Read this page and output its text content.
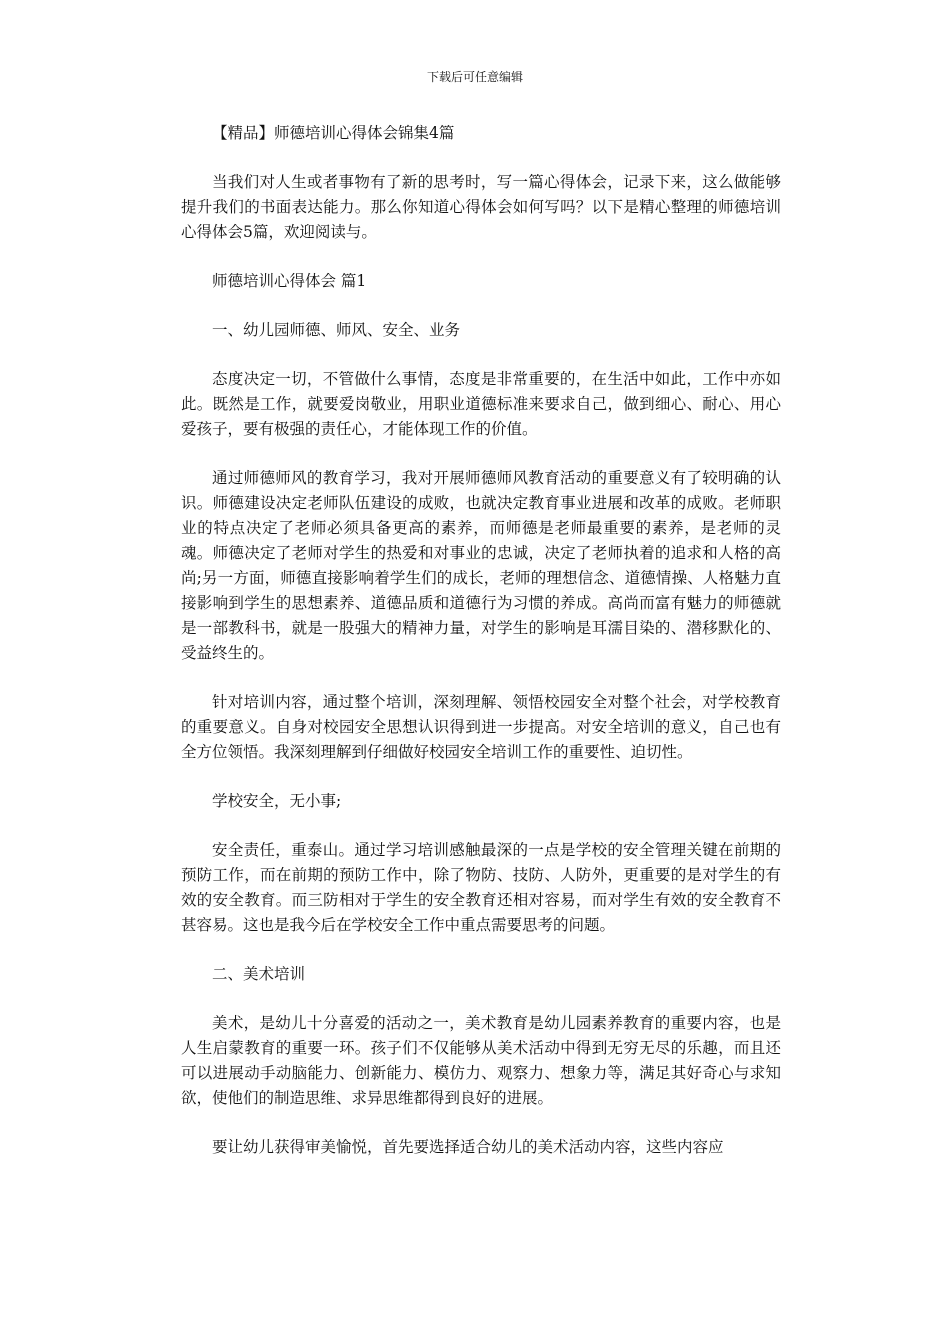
下载后可任意编辑

【精品】师德培训心得体会锦集4篇

当我们对人生或者事物有了新的思考时，写一篇心得体会，记录下来，这么做能够提升我们的书面表达能力。那么你知道心得体会如何写吗？以下是精心整理的师德培训心得体会5篇，欢迎阅读与。

师德培训心得体会 篇1

一、幼儿园师德、师风、安全、业务

态度决定一切，不管做什么事情，态度是非常重要的，在生活中如此，工作中亦如此。既然是工作，就要爱岗敬业，用职业道德标准来要求自己，做到细心、耐心、用心爱孩子，要有极强的责任心，才能体现工作的价值。

通过师德师风的教育学习，我对开展师德师风教育活动的重要意义有了较明确的认识。师德建设决定老师队伍建设的成败，也就决定教育事业进展和改革的成败。老师职业的特点决定了老师必须具备更高的素养，而师德是老师最重要的素养，是老师的灵魂。师德决定了老师对学生的热爱和对事业的忠诚，决定了老师执着的追求和人格的高尚;另一方面，师德直接影响着学生们的成长，老师的理想信念、道德情操、人格魅力直接影响到学生的思想素养、道德品质和道德行为习惯的养成。高尚而富有魅力的师德就是一部教科书，就是一股强大的精神力量，对学生的影响是耳濡目染的、潜移默化的、受益终生的。

针对培训内容，通过整个培训，深刻理解、领悟校园安全对整个社会，对学校教育的重要意义。自身对校园安全思想认识得到进一步提高。对安全培训的意义，自己也有全方位领悟。我深刻理解到仔细做好校园安全培训工作的重要性、迫切性。

学校安全，无小事;

安全责任，重泰山。通过学习培训感触最深的一点是学校的安全管理关键在前期的预防工作，而在前期的预防工作中，除了物防、技防、人防外，更重要的是对学生的有效的安全教育。而三防相对于学生的安全教育还相对容易，而对学生有效的安全教育不甚容易。这也是我今后在学校安全工作中重点需要思考的问题。

二、美术培训

美术，是幼儿十分喜爱的活动之一，美术教育是幼儿园素养教育的重要内容，也是人生启蒙教育的重要一环。孩子们不仅能够从美术活动中得到无穷无尽的乐趣，而且还可以进展动手动脑能力、创新能力、模仿力、观察力、想象力等，满足其好奇心与求知欲，使他们的制造思维、求异思维都得到良好的进展。

要让幼儿获得审美愉悦，首先要选择适合幼儿的美术活动内容，这些内容应
